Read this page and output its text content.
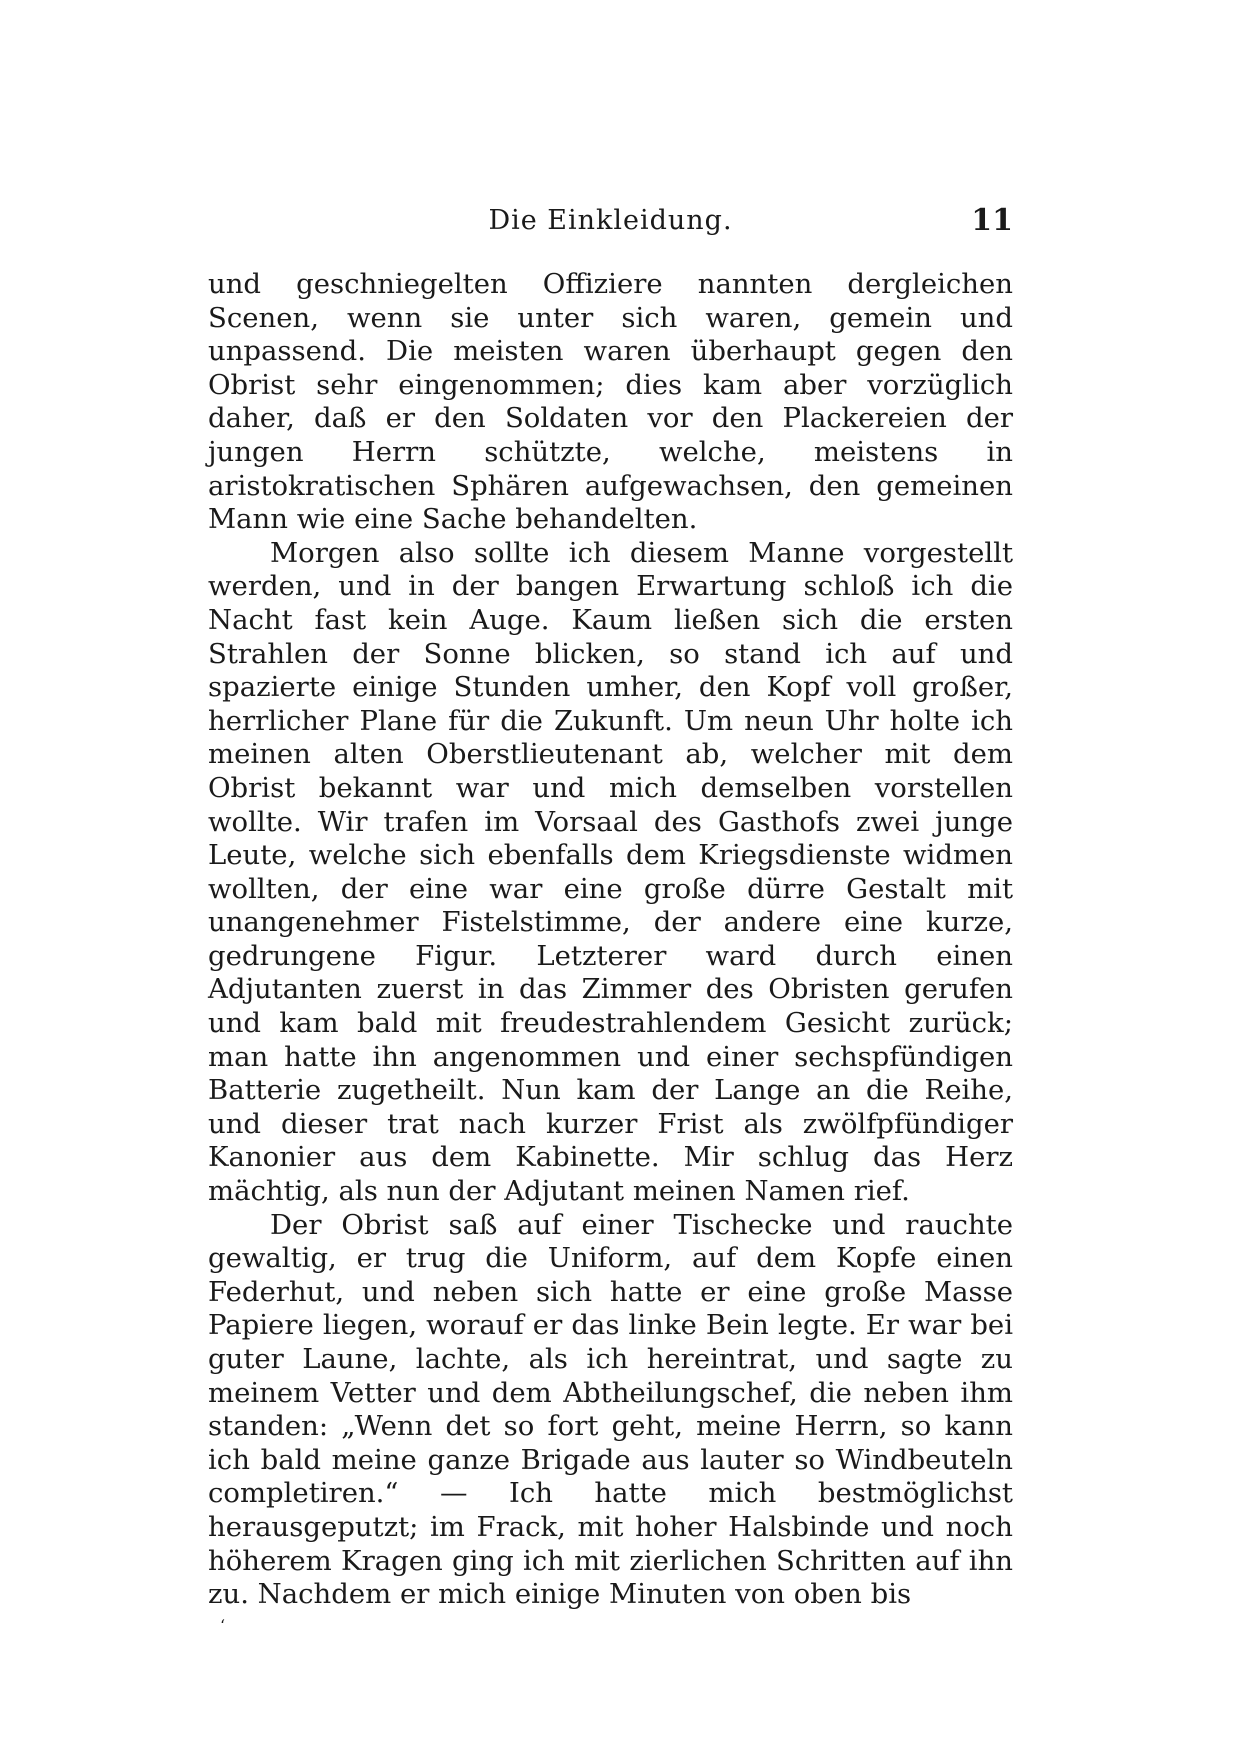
Die Einkleidung.	11

und geschniegelten Offiziere nannten dergleichen Scenen, wenn sie unter sich waren, gemein und unpassend. Die meisten waren überhaupt gegen den Obrist sehr eingenommen; dies kam aber vorzüglich daher, daß er den Soldaten vor den Plackereien der jungen Herrn schützte, welche, meistens in aristokratischen Sphären aufgewachsen, den gemeinen Mann wie eine Sache behandelten.

Morgen also sollte ich diesem Manne vorgestellt werden, und in der bangen Erwartung schloß ich die Nacht fast kein Auge. Kaum ließen sich die ersten Strahlen der Sonne blicken, so stand ich auf und spazierte einige Stunden umher, den Kopf voll großer, herrlicher Plane für die Zukunft. Um neun Uhr holte ich meinen alten Oberstlieutenant ab, welcher mit dem Obrist bekannt war und mich demselben vorstellen wollte. Wir trafen im Vorsaal des Gasthofs zwei junge Leute, welche sich ebenfalls dem Kriegsdienste widmen wollten, der eine war eine große dürre Gestalt mit unangenehmer Fistelstimme, der andere eine kurze, gedrungene Figur. Letzterer ward durch einen Adjutanten zuerst in das Zimmer des Obristen gerufen und kam bald mit freudestrahlendem Gesicht zurück; man hatte ihn angenommen und einer sechspfündigen Batterie zugetheilt. Nun kam der Lange an die Reihe, und dieser trat nach kurzer Frist als zwölfpfündiger Kanonier aus dem Kabinette. Mir schlug das Herz mächtig, als nun der Adjutant meinen Namen rief.

Der Obrist saß auf einer Tischecke und rauchte gewaltig, er trug die Uniform, auf dem Kopfe einen Federhut, und neben sich hatte er eine große Masse Papiere liegen, worauf er das linke Bein legte. Er war bei guter Laune, lachte, als ich hereintrat, und sagte zu meinem Vetter und dem Abtheilungschef, die neben ihm standen: „Wenn det so fort geht, meine Herrn, so kann ich bald meine ganze Brigade aus lauter so Windbeuteln completiren.“ — Ich hatte mich bestmöglichst herausgeputzt; im Frack, mit hoher Halsbinde und noch höherem Kragen ging ich mit zierlichen Schritten auf ihn zu. Nachdem er mich einige Minuten von oben bis

‘
